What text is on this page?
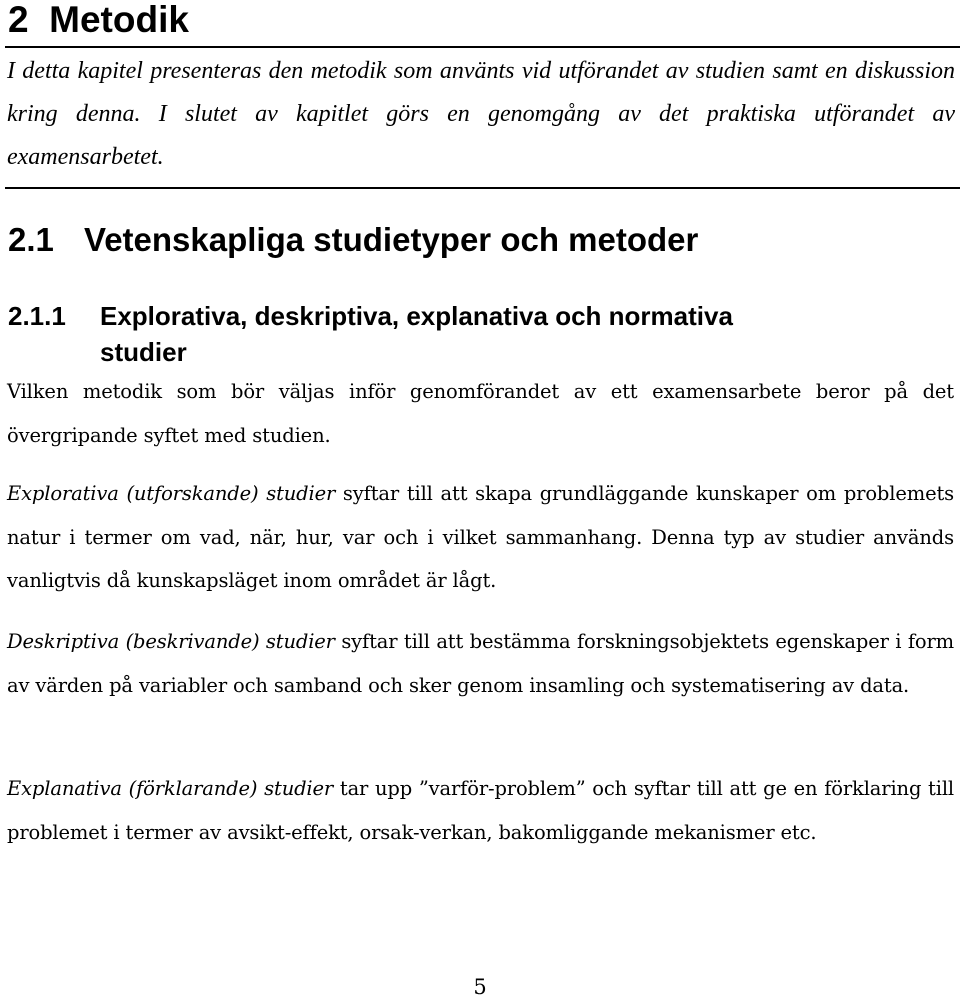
2 Metodik

I detta kapitel presenteras den metodik som använts vid utförandet av studien samt en diskussion kring denna. I slutet av kapitlet görs en genomgång av det praktiska utförandet av examensarbetet.

2.1 Vetenskapliga studietyper och metoder
2.1.1 Explorativa, deskriptiva, explanativa och normativa
studier

Vilken metodik som bör väljas inför genomförandet av ett examensarbete beror på det övergripande syftet med studien.

Explorativa (utforskande) studier syftar till att skapa grundläggande kunskaper om problemets natur i termer om vad, när, hur, var och i vilket sammanhang. Denna typ av studier används vanligtvis då kunskapsläget inom området är lågt.

Deskriptiva (beskrivande) studier syftar till att bestämma forskningsobjektets egenskaper i form av värden på variabler och samband och sker genom insamling och systematisering av data.

Explanativa (förklarande) studier tar upp ”varför-problem” och syftar till att ge en förklaring till problemet i termer av avsikt-effekt, orsak-verkan, bakomliggande mekanismer etc.

5
